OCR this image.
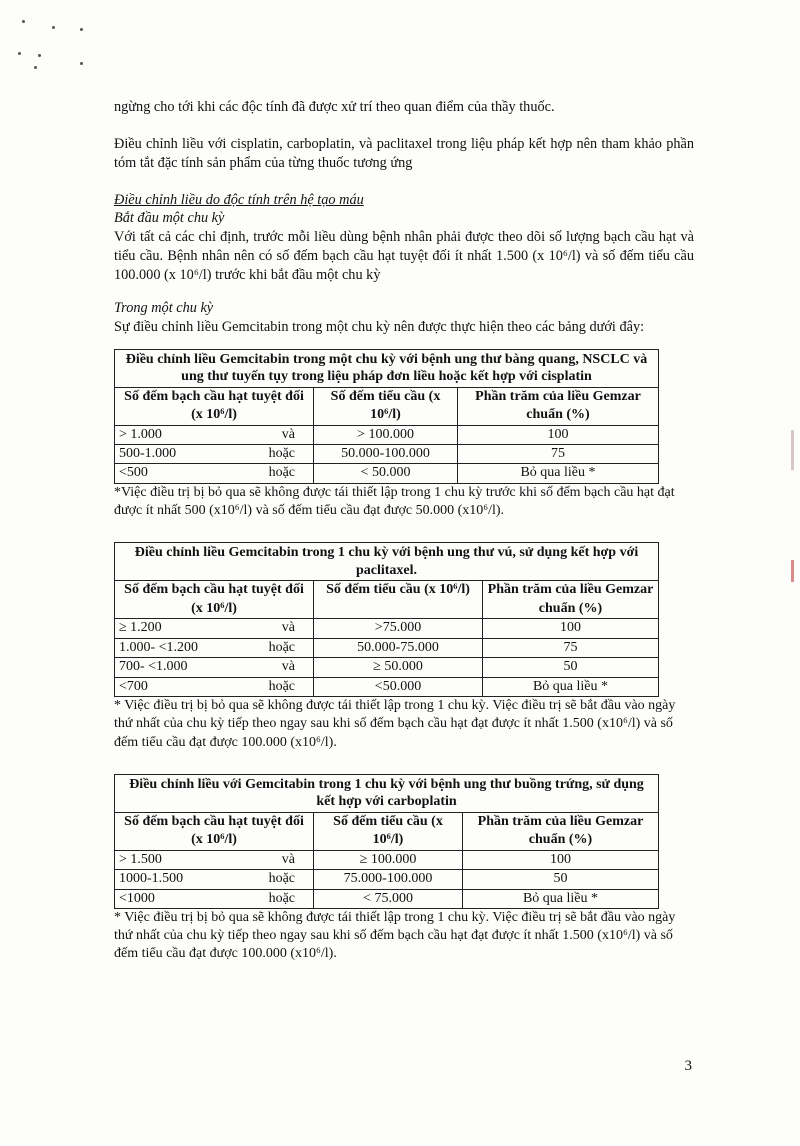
ngừng cho tới khi các độc tính đã được xử trí theo quan điểm của thầy thuốc.

Điều chỉnh liều với cisplatin, carboplatin, và paclitaxel trong liệu pháp kết hợp nên tham khảo phần tóm tắt đặc tính sản phẩm của từng thuốc tương ứng

Điều chỉnh liều do độc tính trên hệ tạo máu

Bắt đầu một chu kỳ

Với tất cả các chỉ định, trước mỗi liều dùng bệnh nhân phải được theo dõi số lượng bạch cầu hạt và tiểu cầu. Bệnh nhân nên có số đếm bạch cầu hạt tuyệt đối ít nhất 1.500 (x 10⁶/l) và số đếm tiểu cầu 100.000 (x 10⁶/l) trước khi bắt đầu một chu kỳ

Trong một chu kỳ

Sự điều chỉnh liều Gemcitabin trong một chu kỳ nên được thực hiện theo các bảng dưới đây:

Điều chỉnh liều Gemcitabin trong một chu kỳ với bệnh ung thư bàng quang, NSCLC và ung thư tuyến tụy trong liệu pháp đơn liều hoặc kết hợp với cisplatin		
Số đếm bạch cầu hạt tuyệt đối (x 10⁶/l)	Số đếm tiểu cầu (x 10⁶/l)	Phần trăm của liều Gemzar chuẩn (%)

> 1.000 và	> 100.000	100

500-1.000 hoặc	50.000-100.000	75

<500 hoặc	< 50.000	Bỏ qua liều *

*Việc điều trị bị bỏ qua sẽ không được tái thiết lập trong 1 chu kỳ trước khi số đếm bạch cầu hạt đạt được ít nhất 500 (x10⁶/l) và số đếm tiểu cầu đạt được 50.000 (x10⁶/l).

Điều chỉnh liều Gemcitabin trong 1 chu kỳ với bệnh ung thư vú, sử dụng kết hợp với paclitaxel.		
Số đếm bạch cầu hạt tuyệt đối (x 10⁶/l)	Số đếm tiểu cầu (x 10⁶/l)	Phần trăm của liều Gemzar chuẩn (%)

≥ 1.200 và	>75.000	100

1.000- <1.200 hoặc	50.000-75.000	75

700- <1.000 và	≥ 50.000	50

<700 hoặc	<50.000	Bỏ qua liều *

* Việc điều trị bị bỏ qua sẽ không được tái thiết lập trong 1 chu kỳ. Việc điều trị sẽ bắt đầu vào ngày thứ nhất của chu kỳ tiếp theo ngay sau khi số đếm bạch cầu hạt đạt được ít nhất 1.500 (x10⁶/l) và số đếm tiểu cầu đạt được 100.000 (x10⁶/l).

Điều chỉnh liều với Gemcitabin trong 1 chu kỳ với bệnh ung thư buồng trứng, sử dụng kết hợp với carboplatin		
Số đếm bạch cầu hạt tuyệt đối (x 10⁶/l)	Số đếm tiểu cầu (x 10⁶/l)	Phần trăm của liều Gemzar chuẩn (%)

> 1.500 và	≥ 100.000	100

1000-1.500 hoặc	75.000-100.000	50

<1000 hoặc	< 75.000	Bỏ qua liều *

* Việc điều trị bị bỏ qua sẽ không được tái thiết lập trong 1 chu kỳ. Việc điều trị sẽ bắt đầu vào ngày thứ nhất của chu kỳ tiếp theo ngay sau khi số đếm bạch cầu hạt đạt được ít nhất 1.500 (x10⁶/l) và số đếm tiểu cầu đạt được 100.000 (x10⁶/l).

3
